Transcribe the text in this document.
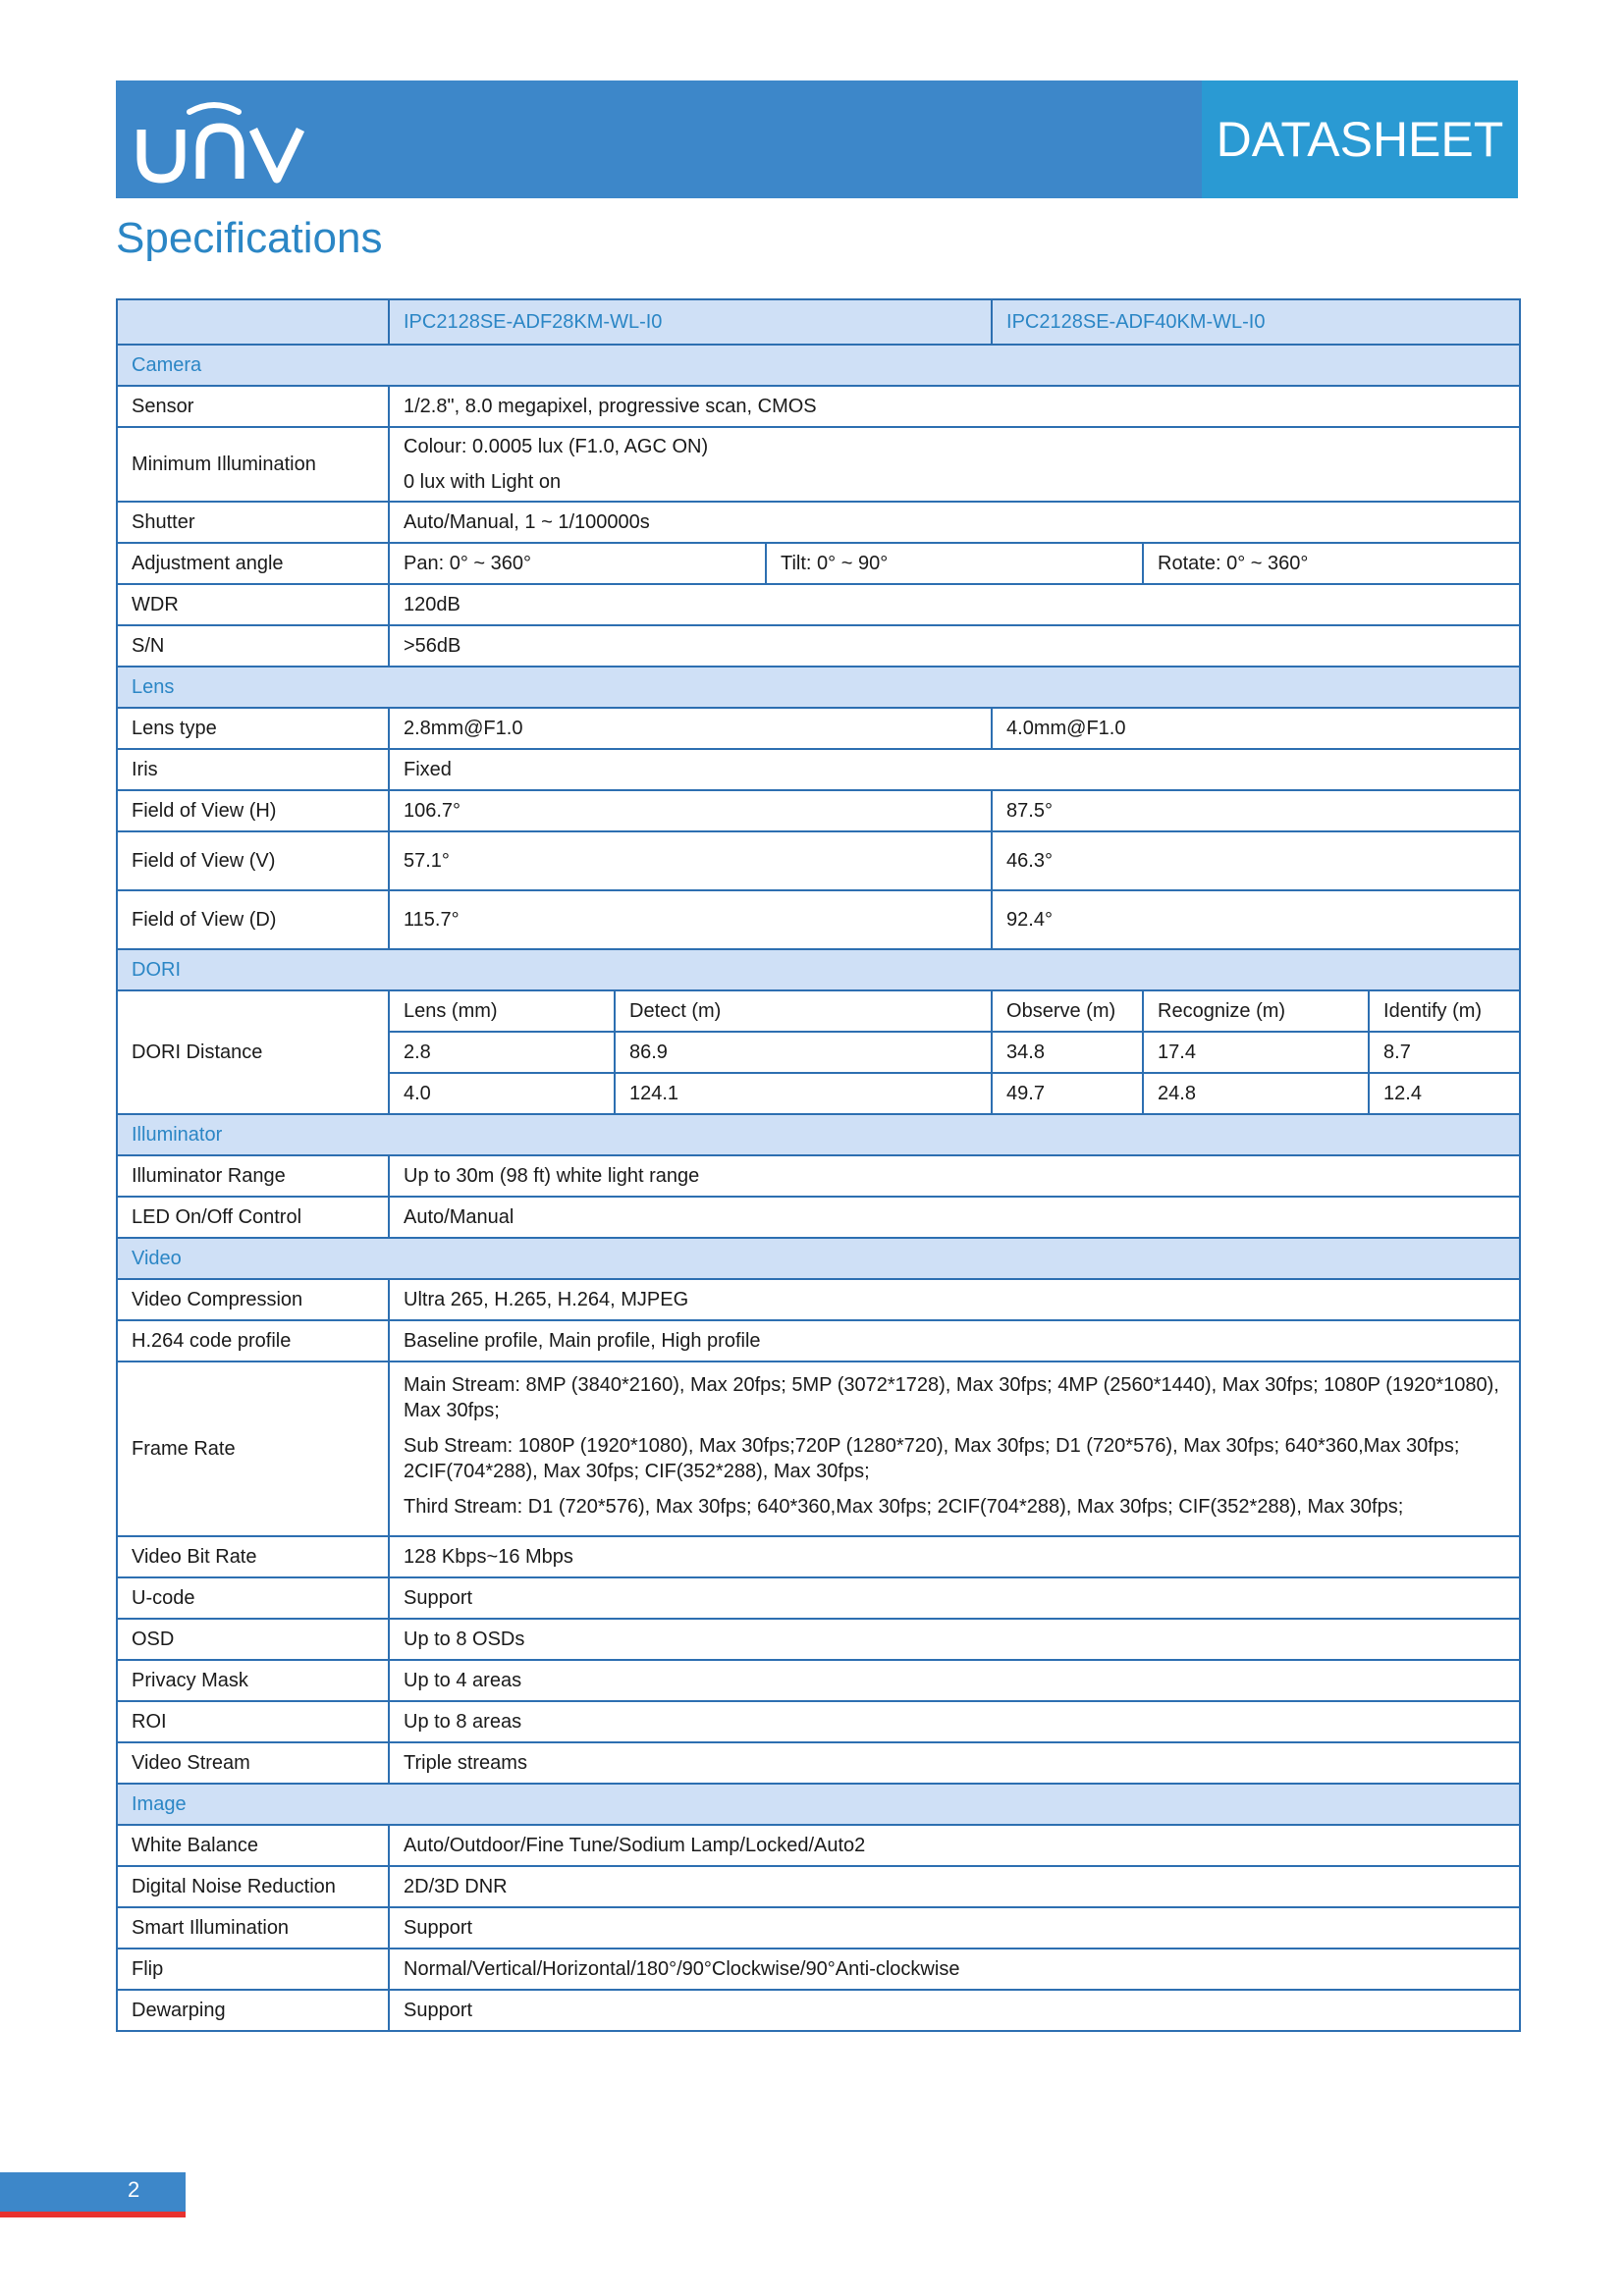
DATASHEET
Specifications
	IPC2128SE-ADF28KM-WL-I0			IPC2128SE-ADF40KM-WL-I0		
Camera						
Sensor	1/2.8", 8.0 megapixel, progressive scan, CMOS					
Minimum Illumination	Colour: 0.0005 lux (F1.0, AGC ON)
0 lux with Light on					

Shutter	Auto/Manual, 1 ~ 1/100000s					
Adjustment angle	Pan: 0° ~ 360°		Tilt: 0° ~ 90°		Rotate: 0° ~ 360°	
WDR	120dB					
S/N	>56dB					
Lens						
Lens type	2.8mm@F1.0			4.0mm@F1.0		
Iris	Fixed					
Field of View (H)	106.7°			87.5°		
Field of View (V)	57.1°			46.3°		
Field of View (D)	115.7°			92.4°		
DORI						
DORI Distance	Lens (mm)	Detect (m)		Observe (m)	Recognize (m)	Identify (m)
	2.8	86.9		34.8	17.4	8.7
	4.0	124.1		49.7	24.8	12.4
Illuminator						
Illuminator Range	Up to 30m (98 ft) white light range					
LED On/Off Control	Auto/Manual					
Video						
Video Compression	Ultra 265, H.265, H.264, MJPEG					
H.264 code profile	Baseline profile, Main profile, High profile					
Frame Rate	Main Stream: 8MP (3840*2160), Max 20fps; 5MP (3072*1728), Max 30fps; 4MP (2560*1440), Max 30fps; 1080P (1920*1080), Max 30fps;
Sub Stream: 1080P (1920*1080), Max 30fps;720P (1280*720), Max 30fps; D1 (720*576), Max 30fps; 640*360,Max 30fps; 2CIF(704*288), Max 30fps; CIF(352*288), Max 30fps;
Third Stream: D1 (720*576), Max 30fps; 640*360,Max 30fps; 2CIF(704*288), Max 30fps; CIF(352*288), Max 30fps;					

Video Bit Rate	128 Kbps~16 Mbps					
U-code	Support					
OSD	Up to 8 OSDs					
Privacy Mask	Up to 4 areas					
ROI	Up to 8 areas					
Video Stream	Triple streams					
Image						
White Balance	Auto/Outdoor/Fine Tune/Sodium Lamp/Locked/Auto2					
Digital Noise Reduction	2D/3D DNR					
Smart Illumination	Support					
Flip	Normal/Vertical/Horizontal/180°/90°Clockwise/90°Anti-clockwise					
Dewarping	Support					
2
